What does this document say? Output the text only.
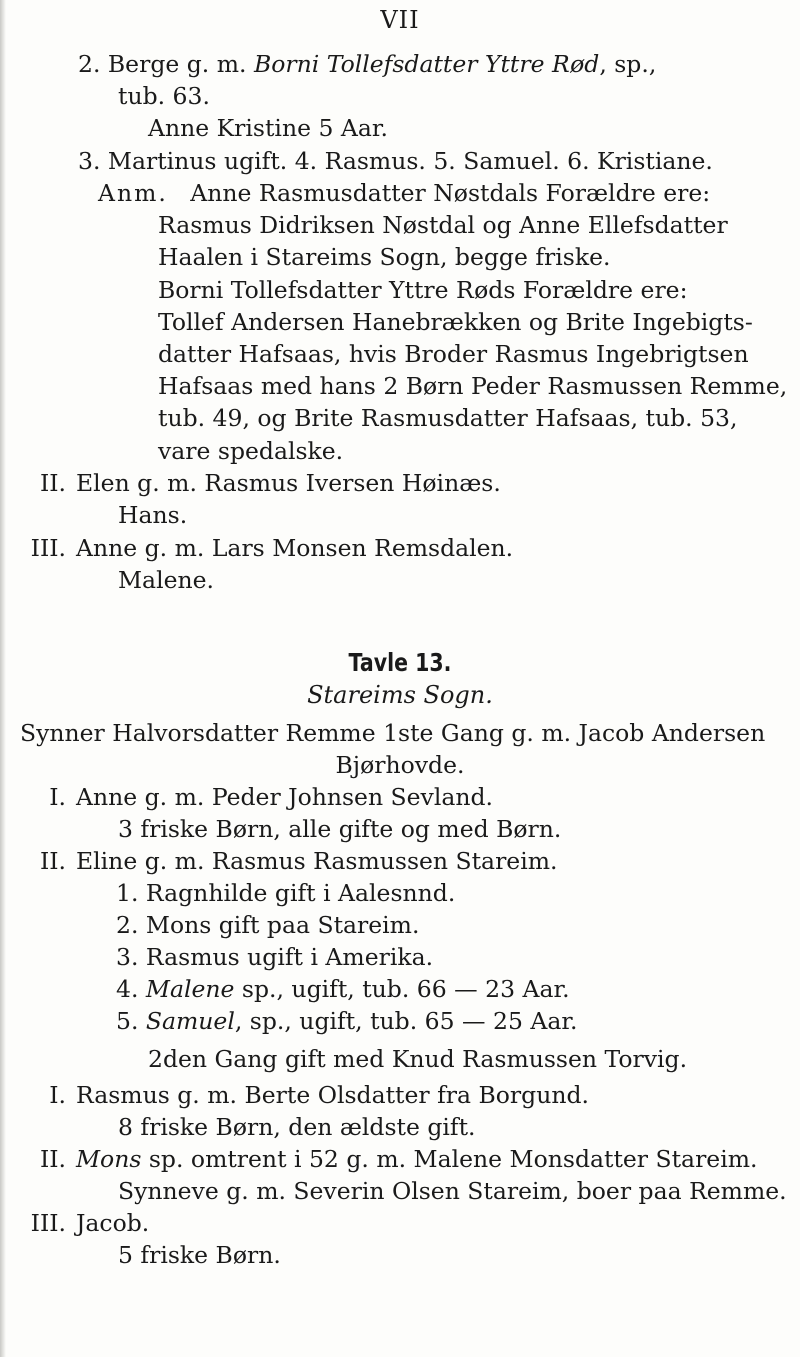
VII
2. Berge g. m. Borni Tollefsdatter Yttre Rød, sp.,
tub. 63.
Anne Kristine 5 Aar.
3. Martinus ugift. 4. Rasmus. 5. Samuel. 6. Kristiane.
Anm. Anne Rasmusdatter Nøstdals Forældre ere:
Rasmus Didriksen Nøstdal og Anne Ellefsdatter
Haalen i Stareims Sogn, begge friske.
Borni Tollefsdatter Yttre Røds Forældre ere:
Tollef Andersen Hanebrækken og Brite Ingebigts-
datter Hafsaas, hvis Broder Rasmus Ingebrigtsen
Hafsaas med hans 2 Børn Peder Rasmussen Remme,
tub. 49, og Brite Rasmusdatter Hafsaas, tub. 53,
vare spedalske.
II. Elen g. m. Rasmus Iversen Høinæs.
Hans.
III. Anne g. m. Lars Monsen Remsdalen.
Malene.
Tavle 13.
Stareims Sogn.
Synner Halvorsdatter Remme 1ste Gang g. m. Jacob Andersen
Bjørhovde.
I. Anne g. m. Peder Johnsen Sevland.
3 friske Børn, alle gifte og med Børn.
II. Eline g. m. Rasmus Rasmussen Stareim.
1. Ragnhilde gift i Aalesnnd.
2. Mons gift paa Stareim.
3. Rasmus ugift i Amerika.
4. Malene sp., ugift, tub. 66 — 23 Aar.
5. Samuel, sp., ugift, tub. 65 — 25 Aar.
2den Gang gift med Knud Rasmussen Torvig.
I. Rasmus g. m. Berte Olsdatter fra Borgund.
8 friske Børn, den ældste gift.
II. Mons sp. omtrent i 52 g. m. Malene Monsdatter Stareim.
Synneve g. m. Severin Olsen Stareim, boer paa Remme.
III. Jacob.
5 friske Børn.
